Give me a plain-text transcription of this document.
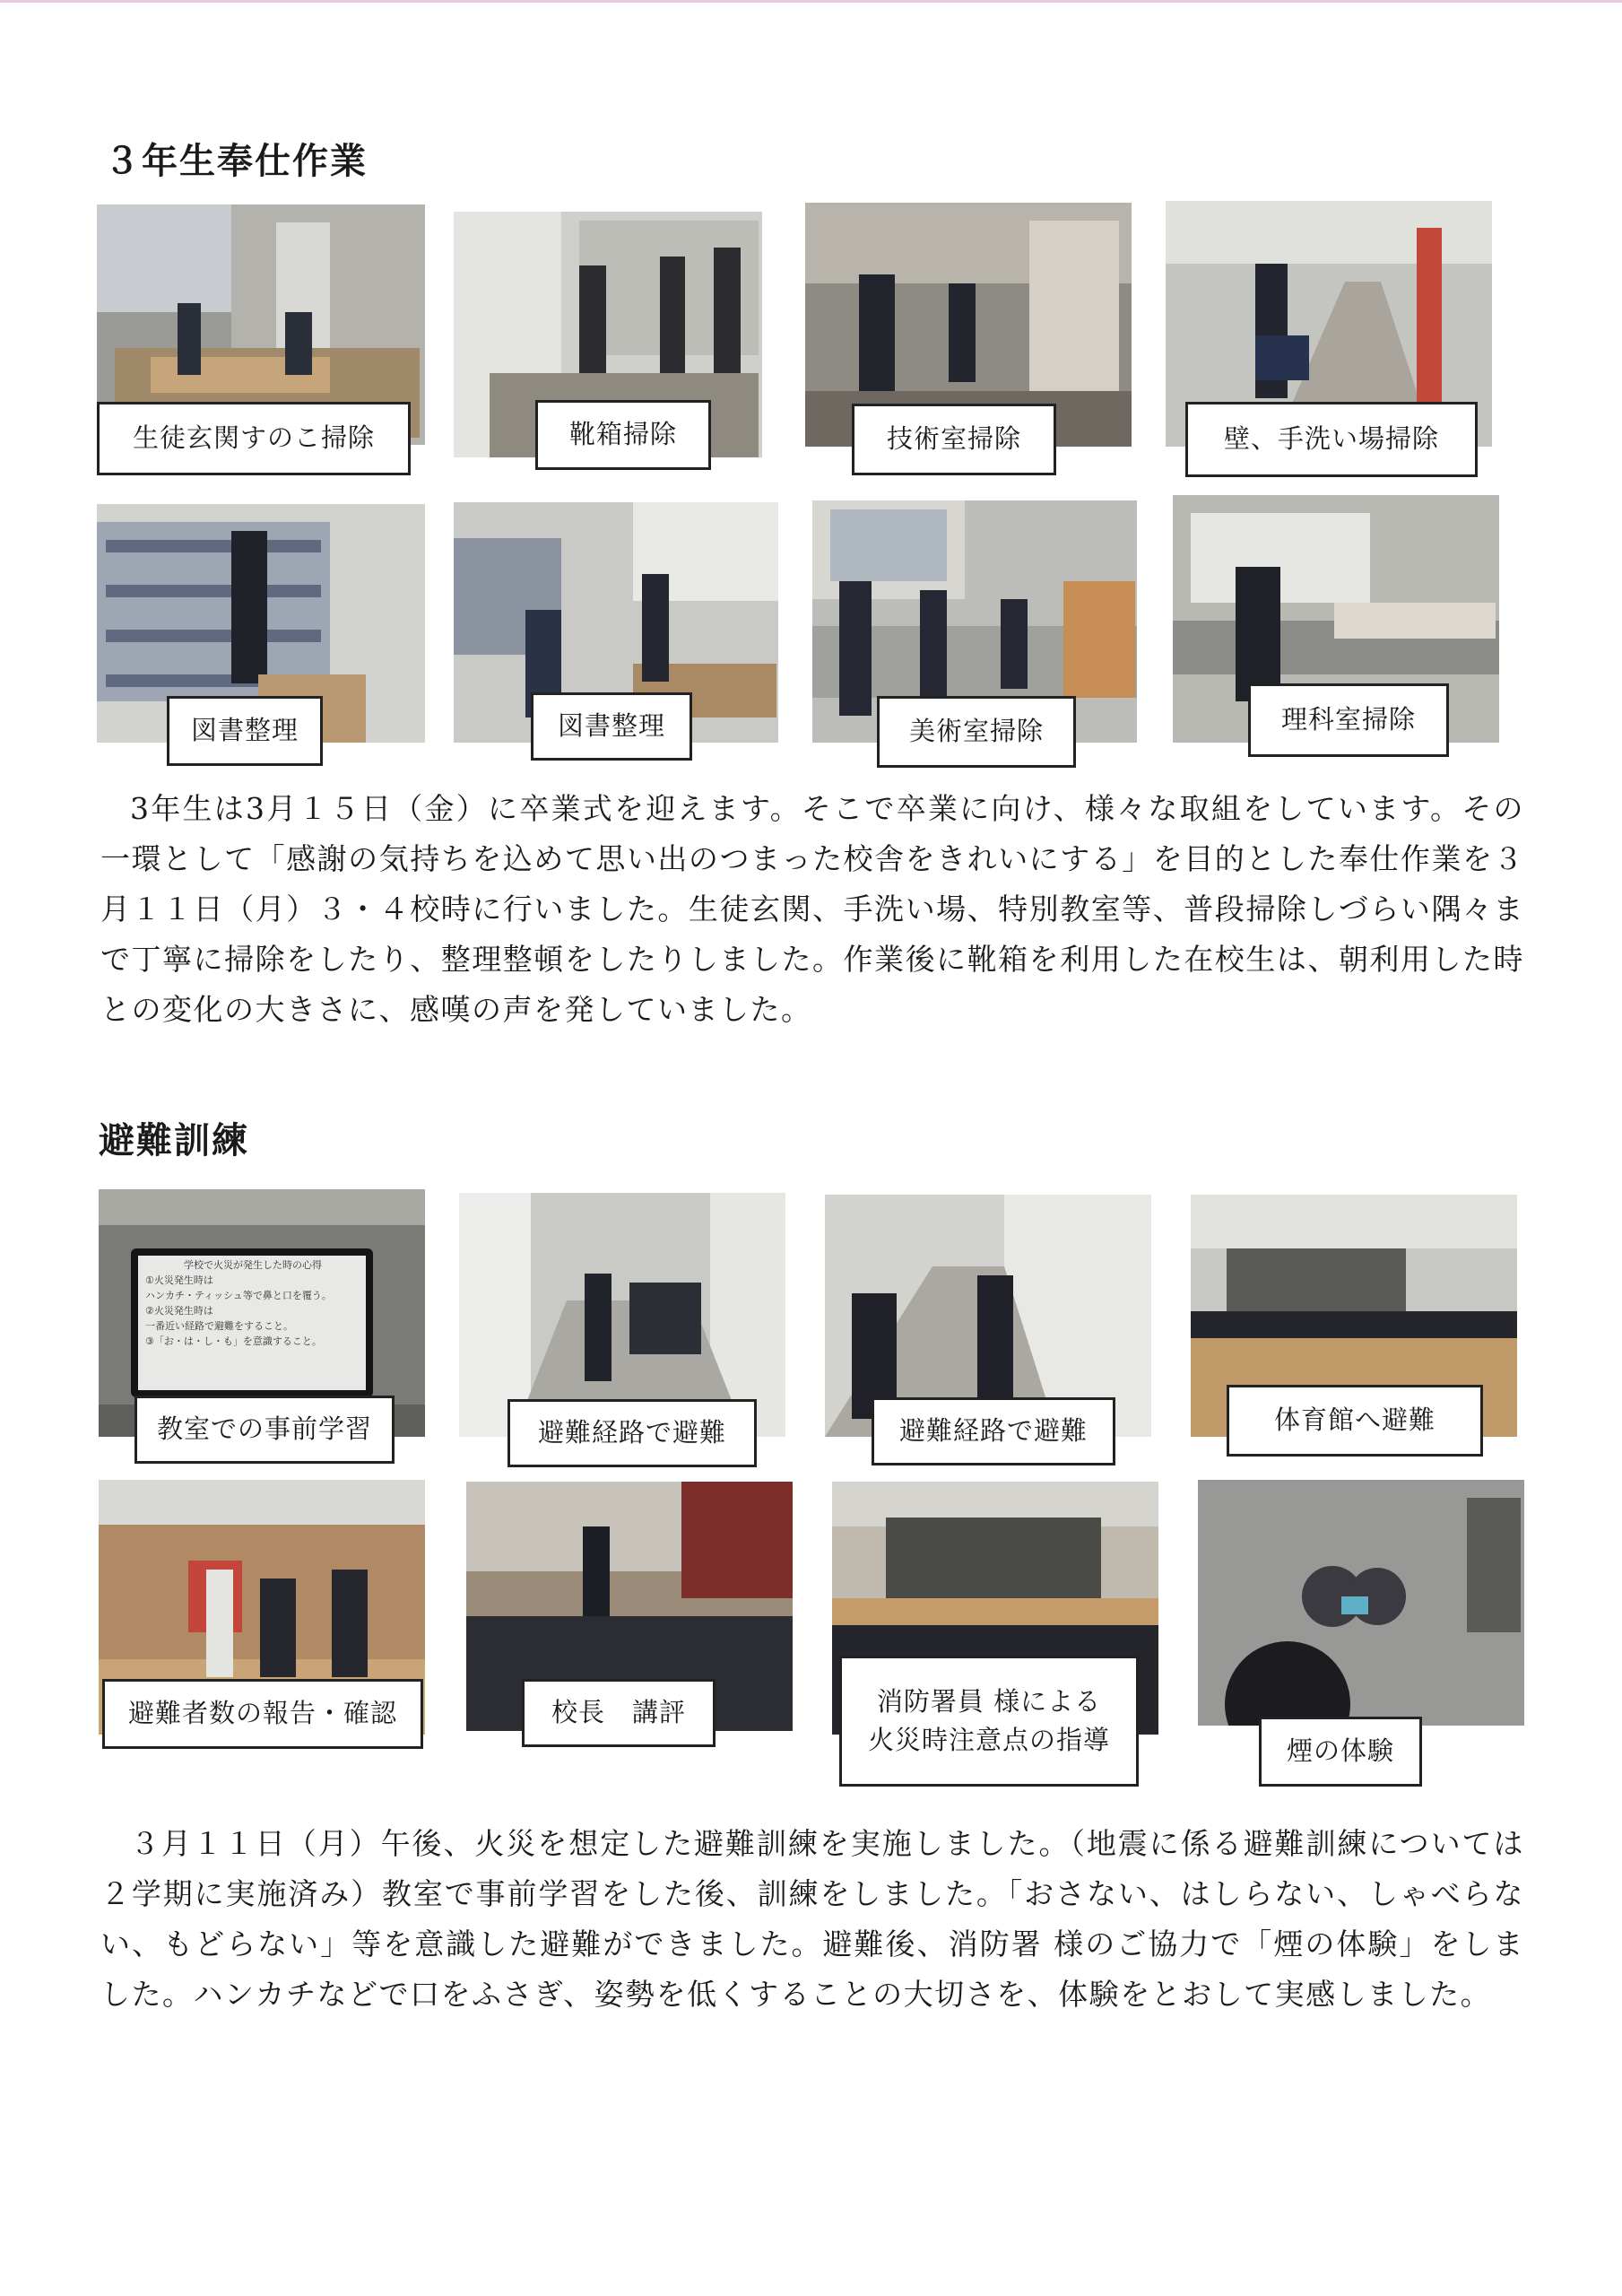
３年生奉仕作業
生徒玄関すのこ掃除	靴箱掃除	技術室掃除	壁、手洗い場掃除
図書整理	図書整理	美術室掃除	理科室掃除

3年生は3月１５日（金）に卒業式を迎えます。そこで卒業に向け、様々な取組をしています。その一環として「感謝の気持ちを込めて思い出のつまった校舎をきれいにする」を目的とした奉仕作業を３月１１日（月）３・４校時に行いました。生徒玄関、手洗い場、特別教室等、普段掃除しづらい隅々まで丁寧に掃除をしたり、整理整頓をしたりしました。作業後に靴箱を利用した在校生は、朝利用した時との変化の大きさに、感嘆の声を発していました。

避難訓練
学校で火災が発生した時の心得
①火災発生時は
ハンカチ・ティッシュ等で鼻と口を覆う。
②火災発生時は
一番近い経路で避難をすること。
③「お・は・し・も」を意識すること。
教室での事前学習	避難経路で避難	避難経路で避難	体育館へ避難
避難者数の報告・確認	校長　講評	消防署員 様による
火災時注意点の指導	煙の体験

３月１１日（月）午後、火災を想定した避難訓練を実施しました。（地震に係る避難訓練については２学期に実施済み）教室で事前学習をした後、訓練をしました。「おさない、はしらない、しゃべらない、もどらない」等を意識した避難ができました。避難後、消防署 様のご協力で「煙の体験」をしました。ハンカチなどで口をふさぎ、姿勢を低くすることの大切さを、体験をとおして実感しました。
